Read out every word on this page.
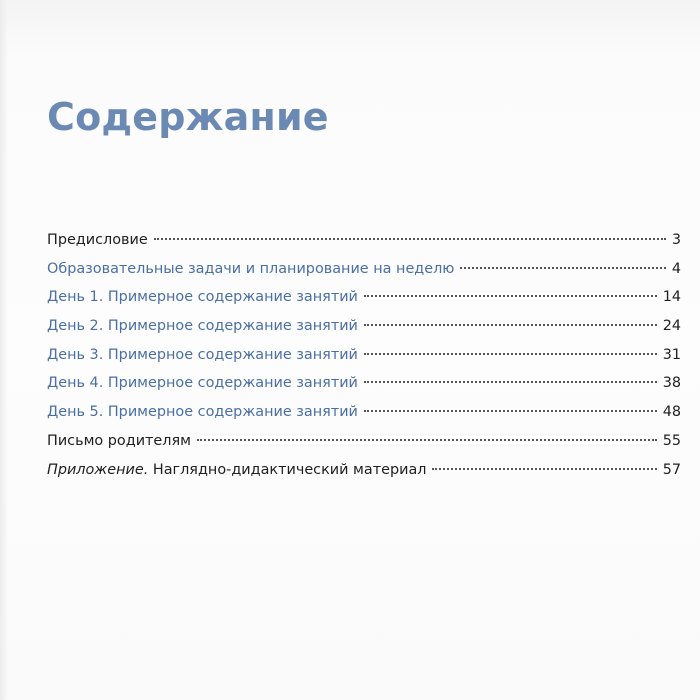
Содержание
Предисловие	3
Образовательные задачи и планирование на неделю	4
День 1. Примерное содержание занятий	14
День 2. Примерное содержание занятий	24
День 3. Примерное содержание занятий	31
День 4. Примерное содержание занятий	38
День 5. Примерное содержание занятий	48
Письмо родителям	55
Приложение. Наглядно-дидактический материал	57
